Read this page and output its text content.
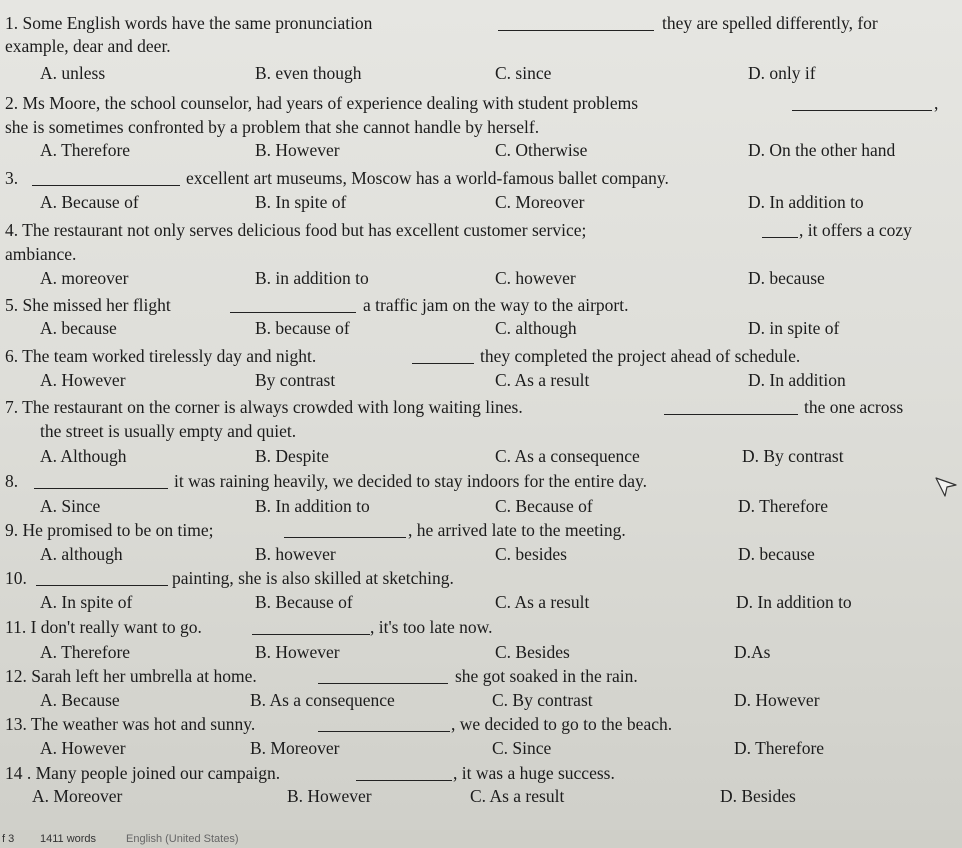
1. Some English words have the same pronunciation	they are spelled differently, for
example, dear and deer.
A. unless	B. even though	C. since	D. only if
2. Ms Moore, the school counselor, had years of experience dealing with student problems	,
she is sometimes confronted by a problem that she cannot handle by herself.
A. Therefore	B. However	C. Otherwise	D. On the other hand
3.	excellent art museums, Moscow has a world-famous ballet company.
A. Because of	B. In spite of	C. Moreover	D. In addition to
4. The restaurant not only serves delicious food but has excellent customer service;	, it offers a cozy
ambiance.
A. moreover	B. in addition to	C. however	D. because
5. She missed her flight	a traffic jam on the way to the airport.
A. because	B. because of	C. although	D. in spite of
6. The team worked tirelessly day and night.	they completed the project ahead of schedule.
A. However	By contrast	C. As a result	D. In addition
7. The restaurant on the corner is always crowded with long waiting lines.	the one across
the street is usually empty and quiet.
A. Although	B. Despite	C. As a consequence	D. By contrast
8.	it was raining heavily, we decided to stay indoors for the entire day.
A. Since	B. In addition to	C. Because of	D. Therefore
9. He promised to be on time;	, he arrived late to the meeting.
A. although	B. however	C. besides	D. because
10.	painting, she is also skilled at sketching.
A. In spite of	B. Because of	C. As a result	D. In addition to
11. I don't really want to go.	, it's too late now.
A. Therefore	B. However	C. Besides	D.As
12. Sarah left her umbrella at home.	she got soaked in the rain.
A. Because	B. As a consequence	C. By contrast	D. However
13. The weather was hot and sunny.	, we decided to go to the beach.
A. However	B. Moreover	C. Since	D. Therefore
14 . Many people joined our campaign.	, it was a huge success.
A. Moreover	B. However	C. As a result	D. Besides
f 3 1411 words	English (United States)
